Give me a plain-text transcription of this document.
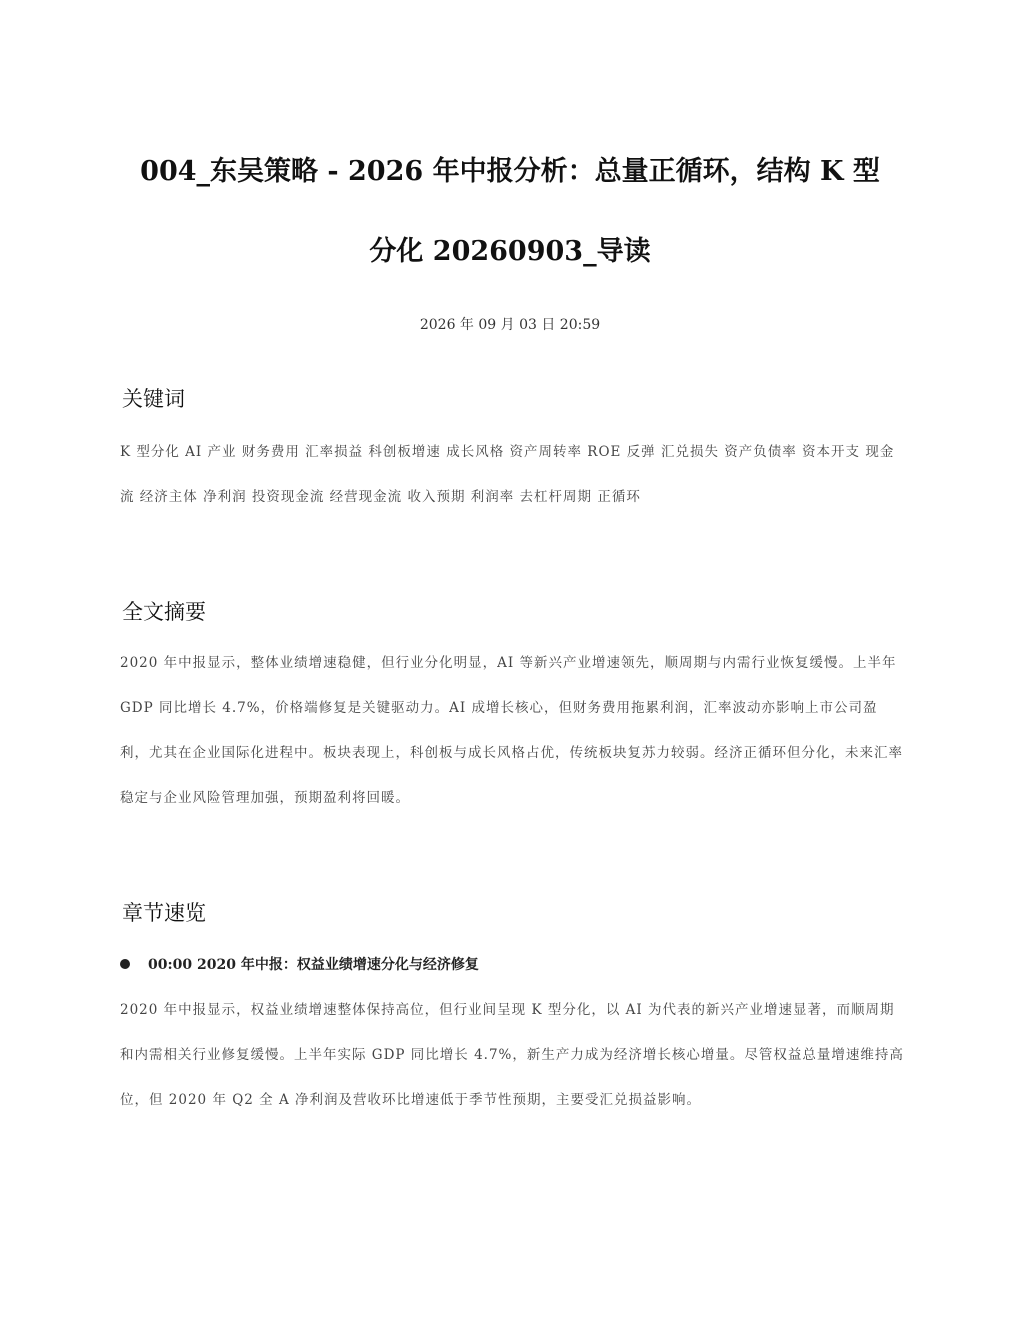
004_东吴策略 - 2026 年中报分析：总量正循环，结构 K 型
分化 20260903_导读
2026 年 09 月 03 日 20:59
关键词

K 型分化 AI 产业 财务费用 汇率损益 科创板增速 成长风格 资产周转率 ROE 反弹 汇兑损失 资产负债率 资本开支 现金流 经济主体 净利润 投资现金流 经营现金流 收入预期 利润率 去杠杆周期 正循环

全文摘要

2020 年中报显示，整体业绩增速稳健，但行业分化明显，AI 等新兴产业增速领先，顺周期与内需行业恢复缓慢。上半年 GDP 同比增长 4.7%，价格端修复是关键驱动力。AI 成增长核心，但财务费用拖累利润，汇率波动亦影响上市公司盈利，尤其在企业国际化进程中。板块表现上，科创板与成长风格占优，传统板块复苏力较弱。经济正循环但分化，未来汇率稳定与企业风险管理加强，预期盈利将回暖。

章节速览
00:00 2020 年中报：权益业绩增速分化与经济修复

2020 年中报显示，权益业绩增速整体保持高位，但行业间呈现 K 型分化，以 AI 为代表的新兴产业增速显著，而顺周期和内需相关行业修复缓慢。上半年实际 GDP 同比增长 4.7%，新生产力成为经济增长核心增量。尽管权益总量增速维持高位，但 2020 年 Q2 全 A 净利润及营收环比增速低于季节性预期，主要受汇兑损益影响。
